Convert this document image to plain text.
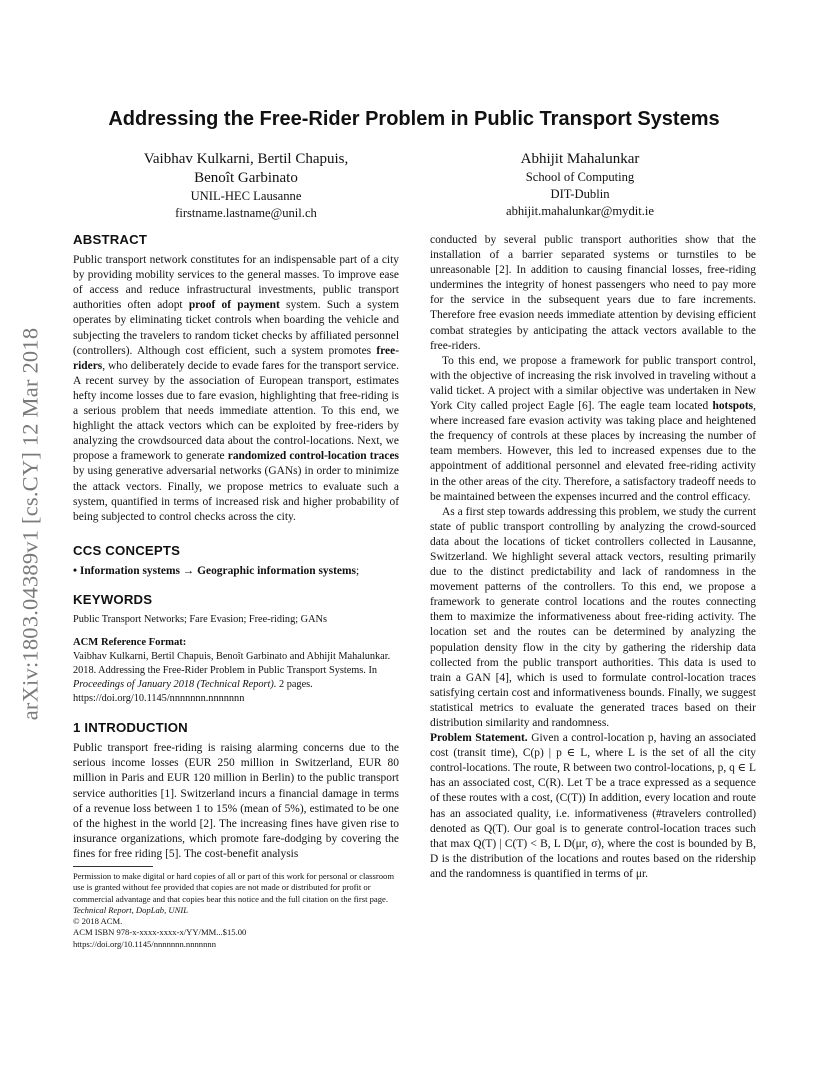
arXiv:1803.04389v1 [cs.CY] 12 Mar 2018
Addressing the Free-Rider Problem in Public Transport Systems
Vaibhav Kulkarni, Bertil Chapuis,
Benoît Garbinato
UNIL-HEC Lausanne
firstname.lastname@unil.ch
Abhijit Mahalunkar
School of Computing
DIT-Dublin
abhijit.mahalunkar@mydit.ie
ABSTRACT

Public transport network constitutes for an indispensable part of a city by providing mobility services to the general masses. To improve ease of access and reduce infrastructural investments, public transport authorities often adopt proof of payment system. Such a system operates by eliminating ticket controls when boarding the vehicle and subjecting the travelers to random ticket checks by affiliated personnel (controllers). Although cost efficient, such a system promotes free-riders, who deliberately decide to evade fares for the transport service. A recent survey by the association of European transport, estimates hefty income losses due to fare evasion, highlighting that free-riding is a serious problem that needs immediate attention. To this end, we highlight the attack vectors which can be exploited by free-riders by analyzing the crowdsourced data about the control-locations. Next, we propose a framework to generate randomized control-location traces by using generative adversarial networks (GANs) in order to minimize the attack vectors. Finally, we propose metrics to evaluate such a system, quantified in terms of increased risk and higher probability of being subjected to control checks across the city.

CCS CONCEPTS

• Information systems → Geographic information systems;

KEYWORDS

Public Transport Networks; Fare Evasion; Free-riding; GANs

ACM Reference Format:

Vaibhav Kulkarni, Bertil Chapuis, Benoît Garbinato and Abhijit Mahalunkar. 2018. Addressing the Free-Rider Problem in Public Transport Systems. In Proceedings of January 2018 (Technical Report). 2 pages. https://doi.org/10.1145/nnnnnnn.nnnnnnn

1 INTRODUCTION

Public transport free-riding is raising alarming concerns due to the serious income losses (EUR 250 million in Switzerland, EUR 80 million in Paris and EUR 120 million in Berlin) to the public transport service authorities [1]. Switzerland incurs a financial damage in terms of a revenue loss between 1 to 15% (mean of 5%), estimated to be one of the highest in the world [2]. The increasing fines have given rise to insurance organizations, which promote fare-dodging by covering the fines for free riding [5]. The cost-benefit analysis

Permission to make digital or hard copies of all or part of this work for personal or classroom use is granted without fee provided that copies are not made or distributed for profit or commercial advantage and that copies bear this notice and the full citation on the first page.
Technical Report, DopLab, UNIL
© 2018 ACM.
ACM ISBN 978-x-xxxx-xxxx-x/YY/MM...$15.00
https://doi.org/10.1145/nnnnnnn.nnnnnnn

conducted by several public transport authorities show that the installation of a barrier separated systems or turnstiles to be unreasonable [2]. In addition to causing financial losses, free-riding undermines the integrity of honest passengers who need to pay more for the service in the subsequent years due to fare increments. Therefore free evasion needs immediate attention by devising efficient combat strategies by anticipating the attack vectors available to the free-riders.

To this end, we propose a framework for public transport control, with the objective of increasing the risk involved in traveling without a valid ticket. A project with a similar objective was undertaken in New York City called project Eagle [6]. The eagle team located hotspots, where increased fare evasion activity was taking place and heightened the frequency of controls at these places by increasing the number of team members. However, this led to increased expenses due to the appointment of additional personnel and elevated free-riding activity in the other areas of the city. Therefore, a satisfactory tradeoff needs to be maintained between the expenses incurred and the control efficacy.

As a first step towards addressing this problem, we study the current state of public transport controlling by analyzing the crowd-sourced data about the locations of ticket controllers collected in Lausanne, Switzerland. We highlight several attack vectors, resulting primarily due to the distinct predictability and lack of randomness in the movement patterns of the controllers. To this end, we propose a framework to generate control locations and the routes connecting them to maximize the informativeness about free-riding activity. The location set and the routes can be determined by analyzing the population density flow in the city by gathering the ridership data collected from the public transport authorities. This data is used to train a GAN [4], which is used to formulate control-location traces satisfying certain cost and informativeness bounds. Finally, we suggest statistical metrics to evaluate the generated traces based on their distribution similarity and randomness.

Problem Statement. Given a control-location p, having an associated cost (transit time), C(p) | p ∈ L, where L is the set of all the city control-locations. The route, R between two control-locations, p, q ∈ L has an associated cost, C(R). Let T be a trace expressed as a sequence of these routes with a cost, (C(T)) In addition, every location and route has an associated quality, i.e. informativeness (#travelers controlled) denoted as Q(T). Our goal is to generate control-location traces such that max Q(T) | C(T) < B, L D(μr, σ), where the cost is bounded by B, D is the distribution of the locations and routes based on the ridership and the randomness is quantified in terms of μr.
